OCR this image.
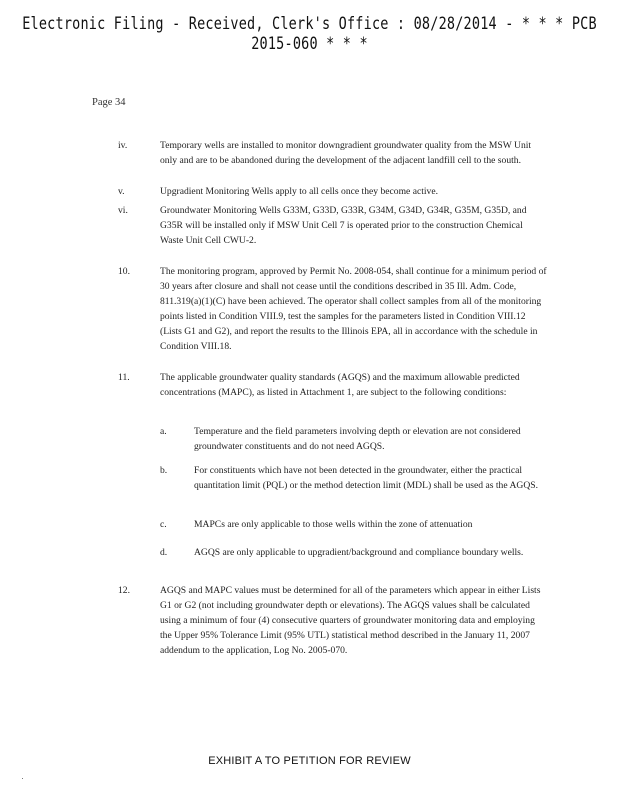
Electronic Filing - Received, Clerk's Office : 08/28/2014 - * * * PCB 2015-060 * * *
Page 34
iv.	Temporary wells are installed to monitor downgradient groundwater quality from the MSW Unit only and are to be abandoned during the development of the adjacent landfill cell to the south.
v.	Upgradient Monitoring Wells apply to all cells once they become active.
vi.	Groundwater Monitoring Wells G33M, G33D, G33R, G34M, G34D, G34R, G35M, G35D, and G35R will be installed only if MSW Unit Cell 7 is operated prior to the construction Chemical Waste Unit Cell CWU-2.
10.	The monitoring program, approved by Permit No. 2008-054, shall continue for a minimum period of 30 years after closure and shall not cease until the conditions described in 35 Ill. Adm. Code, 811.319(a)(1)(C) have been achieved. The operator shall collect samples from all of the monitoring points listed in Condition VIII.9, test the samples for the parameters listed in Condition VIII.12 (Lists G1 and G2), and report the results to the Illinois EPA, all in accordance with the schedule in Condition VIII.18.
11.	The applicable groundwater quality standards (AGQS) and the maximum allowable predicted concentrations (MAPC), as listed in Attachment 1, are subject to the following conditions:
a.	Temperature and the field parameters involving depth or elevation are not considered groundwater constituents and do not need AGQS.
b.	For constituents which have not been detected in the groundwater, either the practical quantitation limit (PQL) or the method detection limit (MDL) shall be used as the AGQS.
c.	MAPCs are only applicable to those wells within the zone of attenuation
d.	AGQS are only applicable to upgradient/background and compliance boundary wells.
12.	AGQS and MAPC values must be determined for all of the parameters which appear in either Lists G1 or G2 (not including groundwater depth or elevations). The AGQS values shall be calculated using a minimum of four (4) consecutive quarters of groundwater monitoring data and employing the Upper 95% Tolerance Limit (95% UTL) statistical method described in the January 11, 2007 addendum to the application, Log No. 2005-070.
EXHIBIT A TO PETITION FOR REVIEW
